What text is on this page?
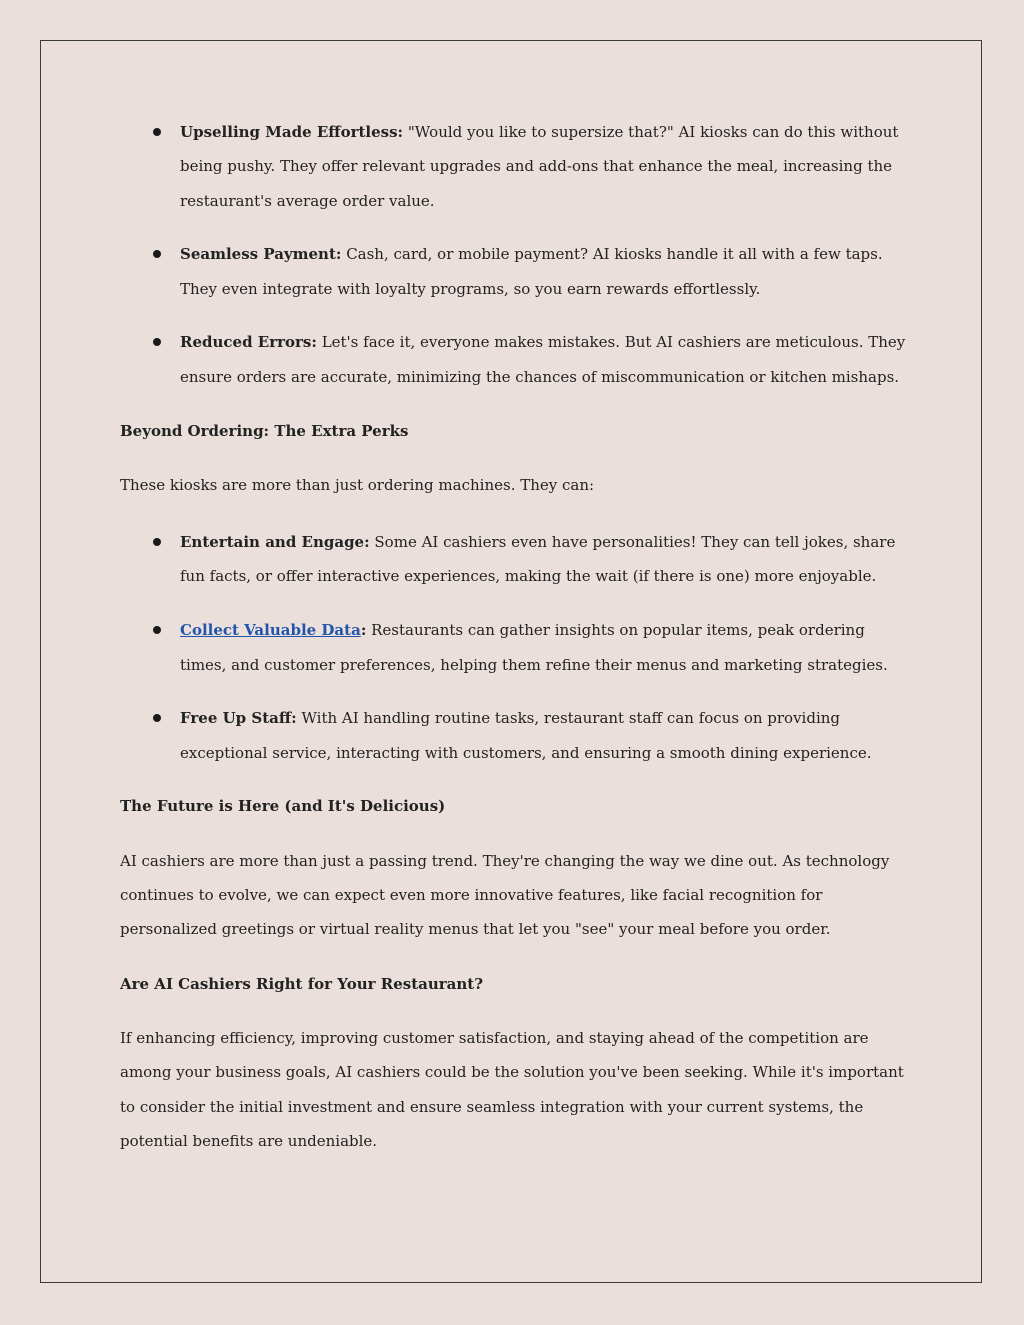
Upselling Made Effortless: "Would you like to supersize that?" AI kiosks can do this without being pushy. They offer relevant upgrades and add-ons that enhance the meal, increasing the restaurant's average order value.
Seamless Payment: Cash, card, or mobile payment? AI kiosks handle it all with a few taps. They even integrate with loyalty programs, so you earn rewards effortlessly.
Reduced Errors: Let's face it, everyone makes mistakes. But AI cashiers are meticulous. They ensure orders are accurate, minimizing the chances of miscommunication or kitchen mishaps.
Beyond Ordering: The Extra Perks

These kiosks are more than just ordering machines. They can:

Entertain and Engage: Some AI cashiers even have personalities! They can tell jokes, share fun facts, or offer interactive experiences, making the wait (if there is one) more enjoyable.
Collect Valuable Data: Restaurants can gather insights on popular items, peak ordering times, and customer preferences, helping them refine their menus and marketing strategies.
Free Up Staff: With AI handling routine tasks, restaurant staff can focus on providing exceptional service, interacting with customers, and ensuring a smooth dining experience.
The Future is Here (and It's Delicious)

AI cashiers are more than just a passing trend. They're changing the way we dine out. As technology continues to evolve, we can expect even more innovative features, like facial recognition for personalized greetings or virtual reality menus that let you "see" your meal before you order.

Are AI Cashiers Right for Your Restaurant?

If enhancing efficiency, improving customer satisfaction, and staying ahead of the competition are among your business goals, AI cashiers could be the solution you've been seeking. While it's important to consider the initial investment and ensure seamless integration with your current systems, the potential benefits are undeniable.
